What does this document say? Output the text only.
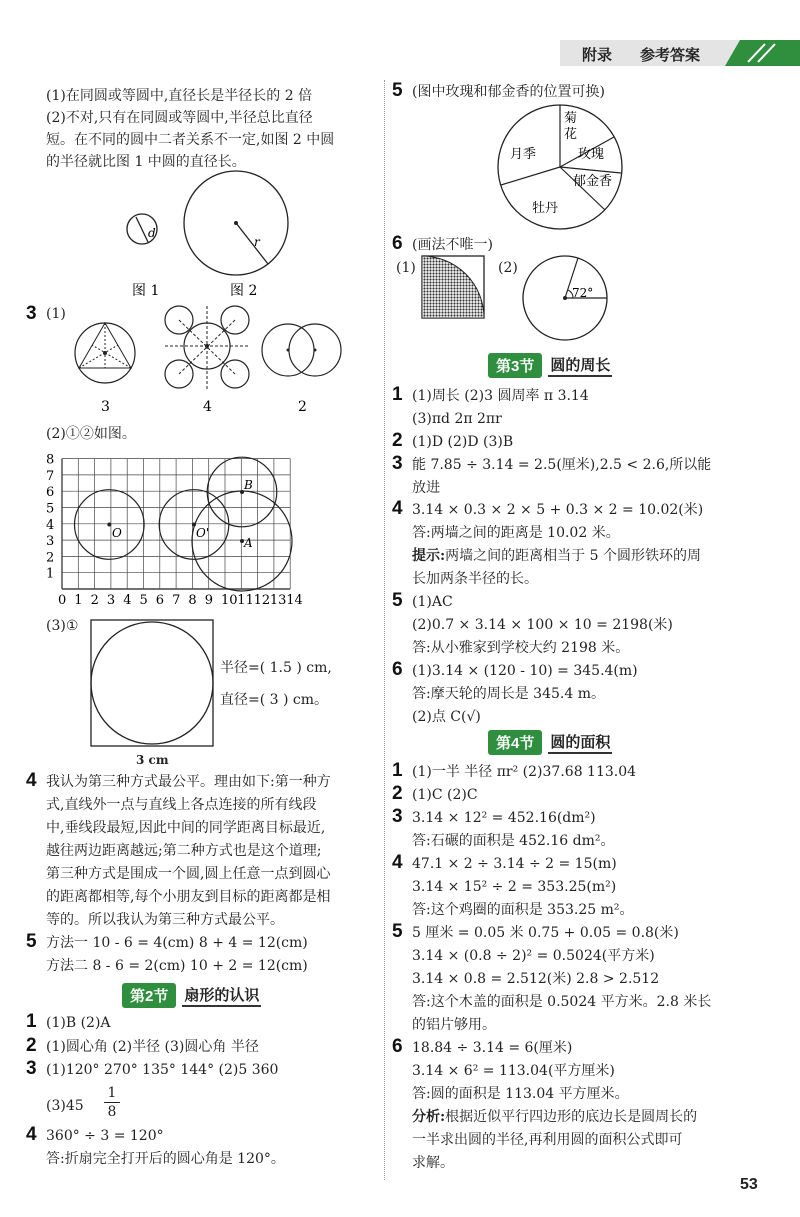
附录 参考答案
(1)在同圆或等圆中,直径长是半径长的 2 倍
(2)不对,只有在同圆或等圆中,半径总比直径
短。在不同的圆中二者关系不一定,如图 2 中圆
的半径就比图 1 中圆的直径长。
d
r
图 1	图 2
3 (1)
3	4	2
(2)①②如图。
0 1 2 3 4 5 6 7 8 9 10 11 12 13 14
8
7
6
5
4
3
2
1
O	O'
B
A
(3)①
半径=( 1.5 ) cm,
直径=( 3 ) cm。
3 cm
4 我认为第三种方式最公平。理由如下:第一种方
式,直线外一点与直线上各点连接的所有线段
中,垂线段最短,因此中间的同学距离目标最近,
越往两边距离越远;第二种方式也是这个道理;
第三种方式是围成一个圆,圆上任意一点到圆心
的距离都相等,每个小朋友到目标的距离都是相
等的。所以我认为第三种方式最公平。
5 方法一 10 - 6 = 4(cm) 8 + 4 = 12(cm)
方法二 8 - 6 = 2(cm) 10 + 2 = 12(cm)
第2节	扇形的认识
1 (1)B (2)A
2 (1)圆心角 (2)半径 (3)圆心角 半径
3 (1)120° 270° 135° 144° (2)5 360
$(3)45 \frac{1}{8}$
4 360° ÷ 3 = 120°
答:折扇完全打开后的圆心角是 120°。
5 (图中玫瑰和郁金香的位置可换)
菊
花
玫瑰
郁金香
牡丹
月季
6 (画法不唯一)
(1)	(2)
72°
第3节	圆的周长
1 (1)周长 (2)3 圆周率 π 3.14
(3)πd 2π 2πr
2 (1)D (2)D (3)B
3 能 7.85 ÷ 3.14 = 2.5(厘米),2.5 < 2.6,所以能
放进
4 3.14 × 0.3 × 2 × 5 + 0.3 × 2 = 10.02(米)
答:两墙之间的距离是 10.02 米。
提示:两墙之间的距离相当于 5 个圆形铁环的周
长加两条半径的长。
5 (1)AC
(2)0.7 × 3.14 × 100 × 10 = 2198(米)
答:从小雅家到学校大约 2198 米。
6 (1)3.14 × (120 - 10) = 345.4(m)
答:摩天轮的周长是 345.4 m。
(2)点 C(√)
第4节	圆的面积
1 (1)一半 半径 πr² (2)37.68 113.04
2 (1)C (2)C
3 3.14 × 12² = 452.16(dm²)
答:石碾的面积是 452.16 dm²。
4 47.1 × 2 ÷ 3.14 ÷ 2 = 15(m)
3.14 × 15² ÷ 2 = 353.25(m²)
答:这个鸡圈的面积是 353.25 m²。
5 5 厘米 = 0.05 米 0.75 + 0.05 = 0.8(米)
3.14 × (0.8 ÷ 2)² = 0.5024(平方米)
3.14 × 0.8 = 2.512(米) 2.8 > 2.512
答:这个木盖的面积是 0.5024 平方米。2.8 米长
的铝片够用。
6 18.84 ÷ 3.14 = 6(厘米)
3.14 × 6² = 113.04(平方厘米)
答:圆的面积是 113.04 平方厘米。
分析:根据近似平行四边形的底边长是圆周长的
一半求出圆的半径,再利用圆的面积公式即可
求解。
53
